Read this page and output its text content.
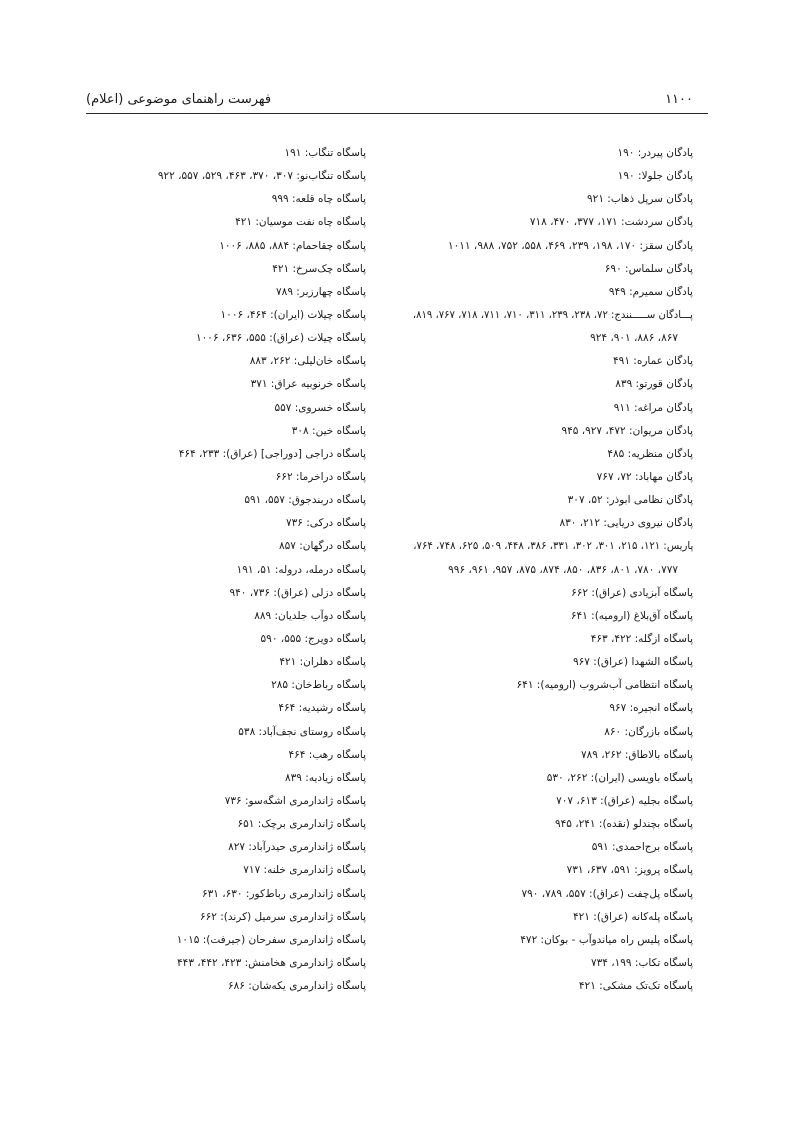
۱۱۰۰
فهرست راهنمای موضوعی (اعلام)
پادگان پیردر: ۱۹۰
پادگان جلولا: ۱۹۰
پادگان سرپل ذهاب: ۹۲۱
پادگان سردشت: ۱۷۱، ۳۷۷، ۴۷۰، ۷۱۸
پادگان سقز: ۱۷۰، ۱۹۸، ۲۳۹، ۴۶۹، ۵۵۸، ۷۵۲، ۹۸۸، ۱۰۱۱
پادگان سلماس: ۶۹۰
پادگان سمیرم: ۹۴۹
پـــادگان ســـــنندج: ۷۲، ۲۳۸، ۲۳۹، ۳۱۱، ۷۱۰، ۷۱۱، ۷۱۸، ۷۶۷، ۸۱۹،
۸۶۷، ۸۸۶، ۹۰۱، ۹۲۴
پادگان عماره: ۴۹۱
پادگان قورتو: ۸۳۹
پادگان مراغه: ۹۱۱
پادگان مریوان: ۴۷۲، ۹۲۷، ۹۴۵
پادگان منظریه: ۴۸۵
پادگان مهاباد: ۷۲، ۷۶۷
پادگان نظامی ابوذر: ۵۲، ۳۰۷
پادگان نیروی دریایی: ۲۱۲، ۸۳۰
پاریس: ۱۲۱، ۲۱۵، ۳۰۱، ۳۰۲، ۳۳۱، ۳۸۶، ۴۴۸، ۵۰۹، ۶۲۵، ۷۴۸، ۷۶۴،
۷۷۷، ۷۸۰، ۸۰۱، ۸۳۶، ۸۵۰، ۸۷۴، ۸۷۵، ۹۵۷، ۹۶۱، ۹۹۶
پاسگاه آبزیادی (عراق): ۶۶۲
پاسگاه آق‌بلاغ (ارومیه): ۶۴۱
پاسگاه ازگله: ۴۲۲، ۴۶۳
پاسگاه الشهدا (عراق): ۹۶۷
پاسگاه انتظامی آب‌شروب (ارومیه): ۶۴۱
پاسگاه انجیره: ۹۶۷
پاسگاه بازرگان: ۸۶۰
پاسگاه بالاطاق: ۲۶۲، ۷۸۹
پاسگاه باویسی (ایران): ۲۶۲، ۵۳۰
پاسگاه بجلیه (عراق): ۶۱۳، ۷۰۷
پاسگاه بچندلو (نقده): ۲۴۱، ۹۴۵
پاسگاه برج‌احمدی: ۵۹۱
پاسگاه پرویز: ۵۹۱، ۶۳۷، ۷۳۱
پاسگاه پل‌چفت (عراق): ۵۵۷، ۷۸۹، ۷۹۰
پاسگاه پله‌کانه (عراق): ۴۲۱
پاسگاه پلیس راه میاندوآب - بوکان: ۴۷۲
پاسگاه تکاب: ۱۹۹، ۷۳۴
پاسگاه تک‌تک مشکی: ۴۲۱
پاسگاه تنگاب: ۱۹۱
پاسگاه تنگاب‌نو: ۳۰۷، ۳۷۰، ۴۶۳، ۵۲۹، ۵۵۷، ۹۲۲
پاسگاه چاه قلعه: ۹۹۹
پاسگاه چاه نفت موسیان: ۴۲۱
پاسگاه چقاحمام: ۸۸۴، ۸۸۵، ۱۰۰۶
پاسگاه چک‌سرخ: ۴۲۱
پاسگاه چهارزبر: ۷۸۹
پاسگاه چیلات (ایران): ۴۶۴، ۱۰۰۶
پاسگاه چیلات (عراق): ۵۵۵، ۶۳۶، ۱۰۰۶
پاسگاه خان‌لیلی: ۲۶۲، ۸۸۳
پاسگاه خرنوبیه عراق: ۳۷۱
پاسگاه خسروی: ۵۵۷
پاسگاه خین: ۳۰۸
پاسگاه دراجی [دوراجی] (عراق): ۲۳۳، ۴۶۴
پاسگاه دراخرما: ۶۶۲
پاسگاه دربندجوق: ۵۵۷، ۵۹۱
پاسگاه درکی: ۷۳۶
پاسگاه درگهان: ۸۵۷
پاسگاه درمله، دروله: ۵۱، ۱۹۱
پاسگاه دزلی (عراق): ۷۳۶، ۹۴۰
پاسگاه دوآب جلدیان: ۸۸۹
پاسگاه دویرج: ۵۵۵، ۵۹۰
پاسگاه دهلران: ۴۲۱
پاسگاه رباط‌خان: ۲۸۵
پاسگاه رشیدیه: ۴۶۴
پاسگاه روستای نجف‌آباد: ۵۳۸
پاسگاه رهب: ۴۶۴
پاسگاه زیادیه: ۸۳۹
پاسگاه ژاندارمری اشگه‌سو: ۷۳۶
پاسگاه ژاندارمری برچک: ۶۵۱
پاسگاه ژاندارمری حیدرآباد: ۸۲۷
پاسگاه ژاندارمری خلنه: ۷۱۷
پاسگاه ژاندارمری رباط‌کور: ۶۳۰، ۶۳۱
پاسگاه ژاندارمری سرمیل (کرند): ۶۶۲
پاسگاه ژاندارمری سفرحان (جیرفت): ۱۰۱۵
پاسگاه ژاندارمری هخامنش: ۴۲۳، ۴۴۲، ۴۴۳
پاسگاه ژاندارمری یکه‌شان: ۶۸۶
